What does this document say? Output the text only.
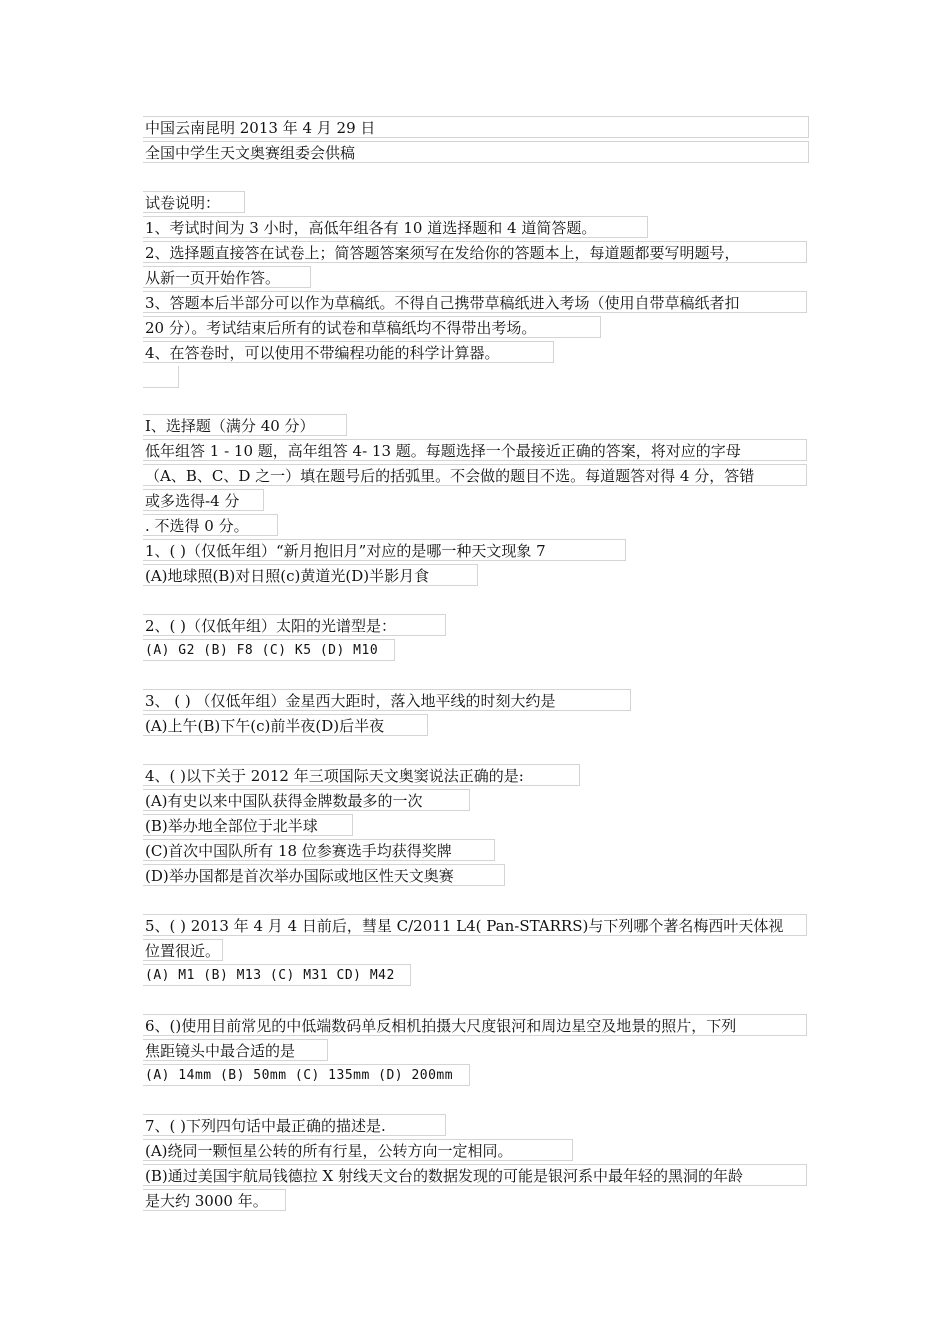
中国云南昆明 2013 年 4 月 29 日
全国中学生天文奥赛组委会供稿
试卷说明：
1、考试时间为 3 小时，高低年组各有 10 道选择题和 4 道简答题。
2、选择题直接答在试卷上；简答题答案须写在发给你的答题本上，每道题都要写明题号，
从新一页开始作答。
3、答题本后半部分可以作为草稿纸。不得自己携带草稿纸进入考场（使用自带草稿纸者扣
20 分）。考试结束后所有的试卷和草稿纸均不得带出考场。
4、在答卷时，可以使用不带编程功能的科学计算器。
I、选择题（满分 40 分）
低年组答 1 - 10 题，高年组答 4- 13 题。每题选择一个最接近正确的答案，将对应的字母
（A、B、C、D 之一）填在题号后的括弧里。不会做的题目不选。每道题答对得 4 分，答错
或多选得-4 分
. 不选得 0 分。
1、( )（仅低年组）“新月抱旧月”对应的是哪一种天文现象 7
(A)地球照(B)对日照(c)黄道光(D)半影月食
2、( )（仅低年组）太阳的光谱型是：
(A) G2 (B) F8 (C) K5 (D) M10
3、 ( ) （仅低年组）金星西大距时，落入地平线的时刻大约是
(A)上午(B)下午(c)前半夜(D)后半夜
4、( )以下关于 2012 年三项国际天文奥窦说法正确的是:
(A)有史以来中国队获得金牌数最多的一次
(B)举办地全部位于北半球
(C)首次中国队所有 18 位参赛选手均获得奖牌
(D)举办国都是首次举办国际或地区性天文奥赛
5、( ) 2013 年 4 月 4 日前后，彗星 C/2011 L4( Pan-STARRS)与下列哪个著名梅西叶天体视
位置很近。
(A) M1 (B) M13 (C) M31 CD) M42
6、()使用目前常见的中低端数码单反相机拍摄大尺度银河和周边星空及地景的照片，下列
焦距镜头中最合适的是
(A) 14mm (B) 50mm (C) 135mm (D) 200mm
7、( )下列四句话中最正确的描述是.
(A)绕同一颗恒星公转的所有行星，公转方向一定相同。
(B)通过美国宇航局钱德拉 X 射线天文台的数据发现的可能是银河系中最年轻的黑洞的年龄
是大约 3000 年。
